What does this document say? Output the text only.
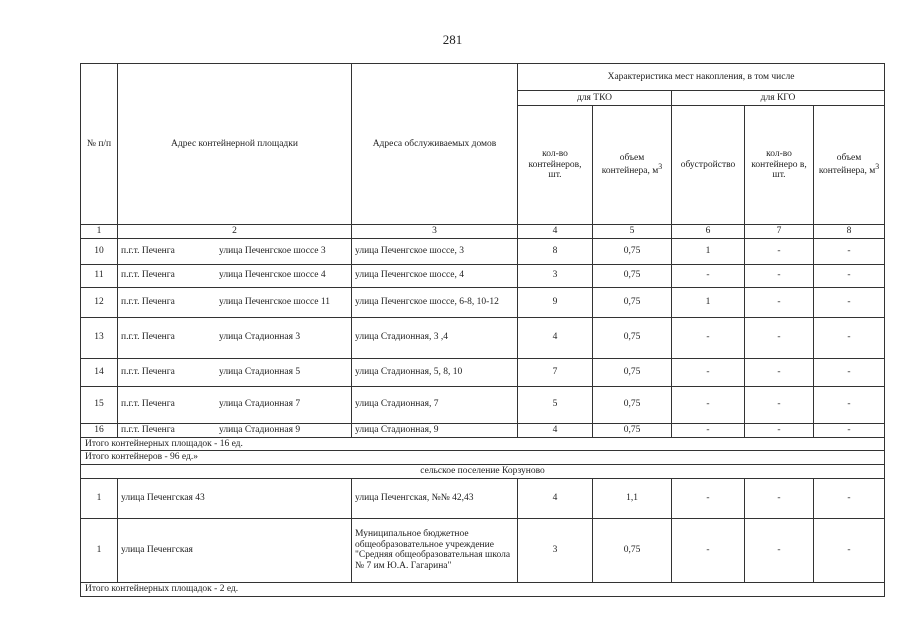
281
№ п/п	Адрес контейнерной площадки	Адреса обслуживаемых домов	Характеристика мест накопления, в том числе				
			для ТКО		для КГО		
			кол-во контейнеров, шт.	объем контейнера, $м^3$	обустройство	кол-во контейнеро в, шт.	объем контейнера, $м^3$
1	2	3	4	5	6	7	8
10	п.г.т. Печенга улица Печенгское шоссе 3	улица Печенгское шоссе, 3	8	0,75	1	-	-
11	п.г.т. Печенга улица Печенгское шоссе 4	улица Печенгское шоссе, 4	3	0,75	-	-	-
12	п.г.т. Печенга улица Печенгское шоссе 11	улица Печенгское шоссе, 6-8, 10-12	9	0,75	1	-	-
13	п.г.т. Печенга улица Стадионная 3	улица Стадионная, 3 ,4	4	0,75	-	-	-
14	п.г.т. Печенга улица Стадионная 5	улица Стадионная, 5, 8, 10	7	0,75	-	-	-
15	п.г.т. Печенга улица Стадионная 7	улица Стадионная, 7	5	0,75	-	-	-
16	п.г.т. Печенга улица Стадионная 9	улица Стадионная, 9	4	0,75	-	-	-
Итого контейнерных площадок - 16 ед.							
Итого контейнеров - 96 ед.»							
сельское поселение Корзуново							
1	улица Печенгская 43	улица Печенгская, №№ 42,43	4	1,1	-	-	-
1	улица Печенгская	Муниципальное бюджетное общеобразовательное учреждение "Средняя общеобразовательная школа № 7 им Ю.А. Гагарина"	3	0,75	-	-	-
Итого контейнерных площадок - 2 ед.							
